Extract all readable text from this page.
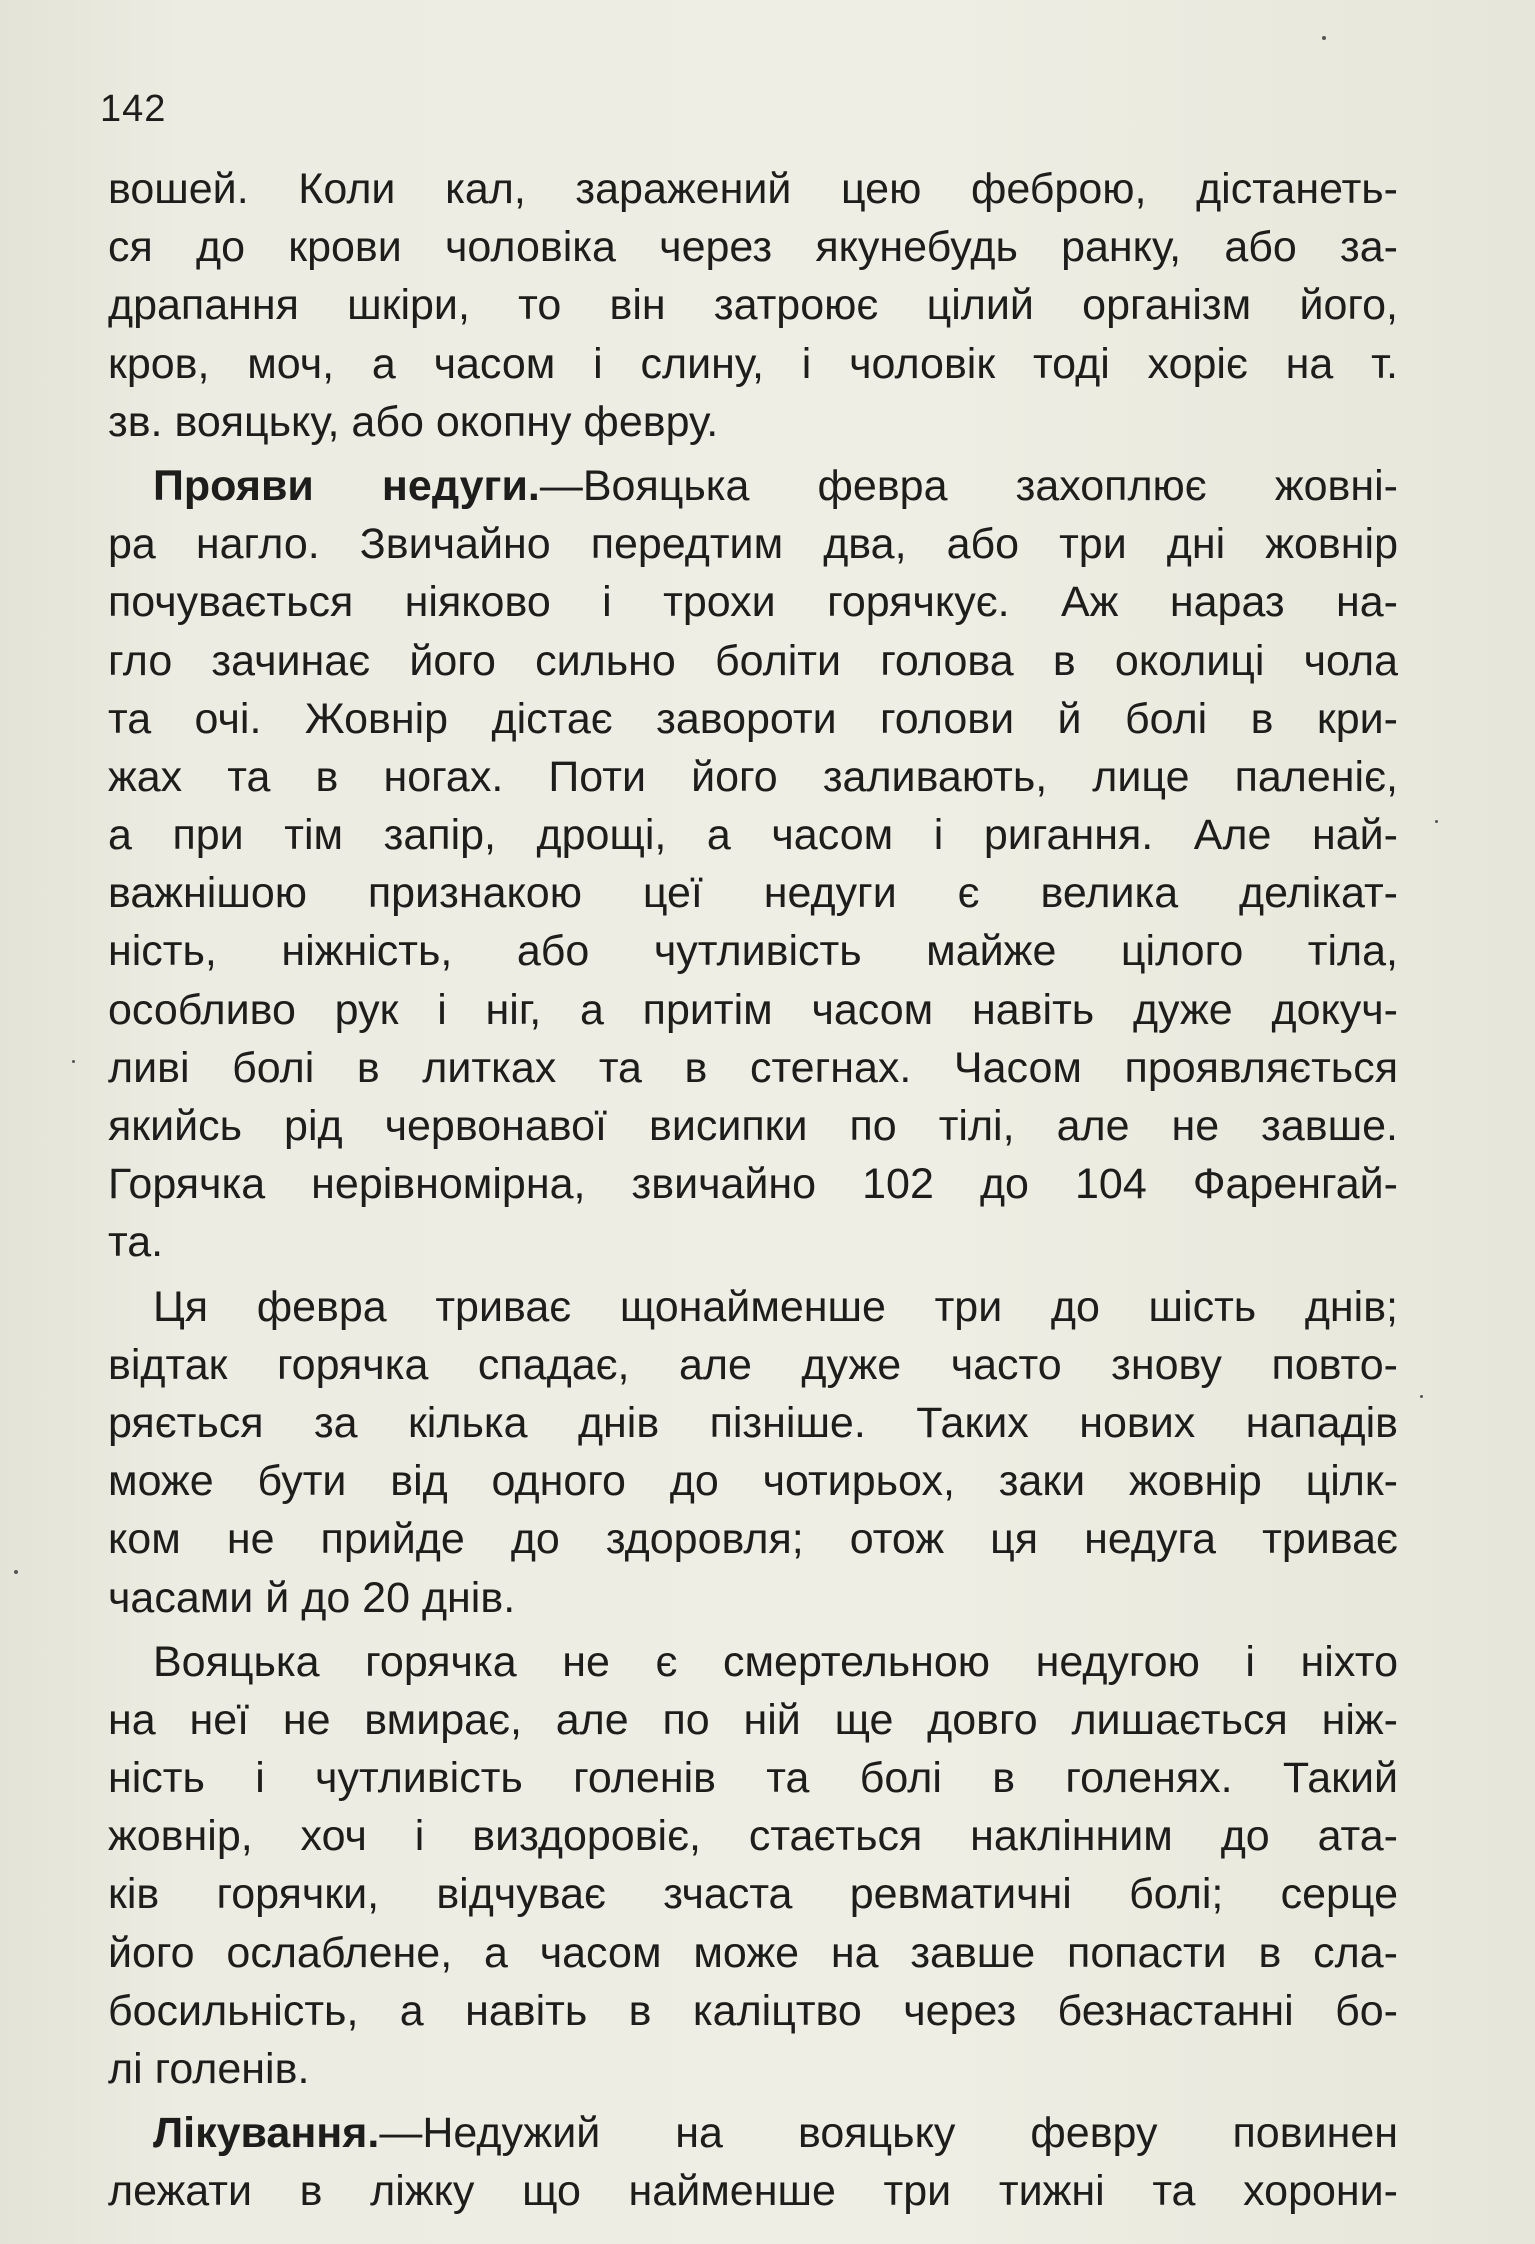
142
вошей. Коли кал, заражений цею феброю, дістанеть-
ся до крови чоловіка через якунебудь ранку, або за-
драпання шкіри, то він затроює цілий організм його,
кров, моч, а часом і слину, і чоловік тоді хоріє на т.
зв. вояцьку, або окопну февру.
Прояви недуги.—Вояцька февра захоплює жовні-
ра нагло. Звичайно передтим два, або три дні жовнір
почувається ніяково і трохи горячкує. Аж нараз на-
гло зачинає його сильно боліти голова в околиці чола
та очі. Жовнір дістає завороти голови й болі в кри-
жах та в ногах. Поти його заливають, лице паленіє,
а при тім запір, дрощі, а часом і ригання. Але най-
важнішою признакою цеї недуги є велика делікат-
ність, ніжність, або чутливість майже цілого тіла,
особливо рук і ніг, а притім часом навіть дуже докуч-
ливі болі в литках та в стегнах. Часом проявляється
якийсь рід червонавої висипки по тілі, але не завше.
Горячка нерівномірна, звичайно 102 до 104 Фаренгай-
та.
Ця февра триває щонайменше три до шість днів;
відтак горячка спадає, але дуже часто знову повто-
ряється за кілька днів пізніше. Таких нових нападів
може бути від одного до чотирьох, заки жовнір цілк-
ком не прийде до здоровля; отож ця недуга триває
часами й до 20 днів.
Вояцька горячка не є смертельною недугою і ніхто
на неї не вмирає, але по ній ще довго лишається ніж-
ність і чутливість голенів та болі в голенях. Такий
жовнір, хоч і виздоровіє, стається наклінним до ата-
ків горячки, відчуває зчаста ревматичні болі; серце
його ослаблене, а часом може на завше попасти в сла-
босильність, а навіть в каліцтво через безнастанні бо-
лі голенів.
Лікування.—Недужий на вояцьку февру повинен
лежати в ліжку що найменше три тижні та хорони-
